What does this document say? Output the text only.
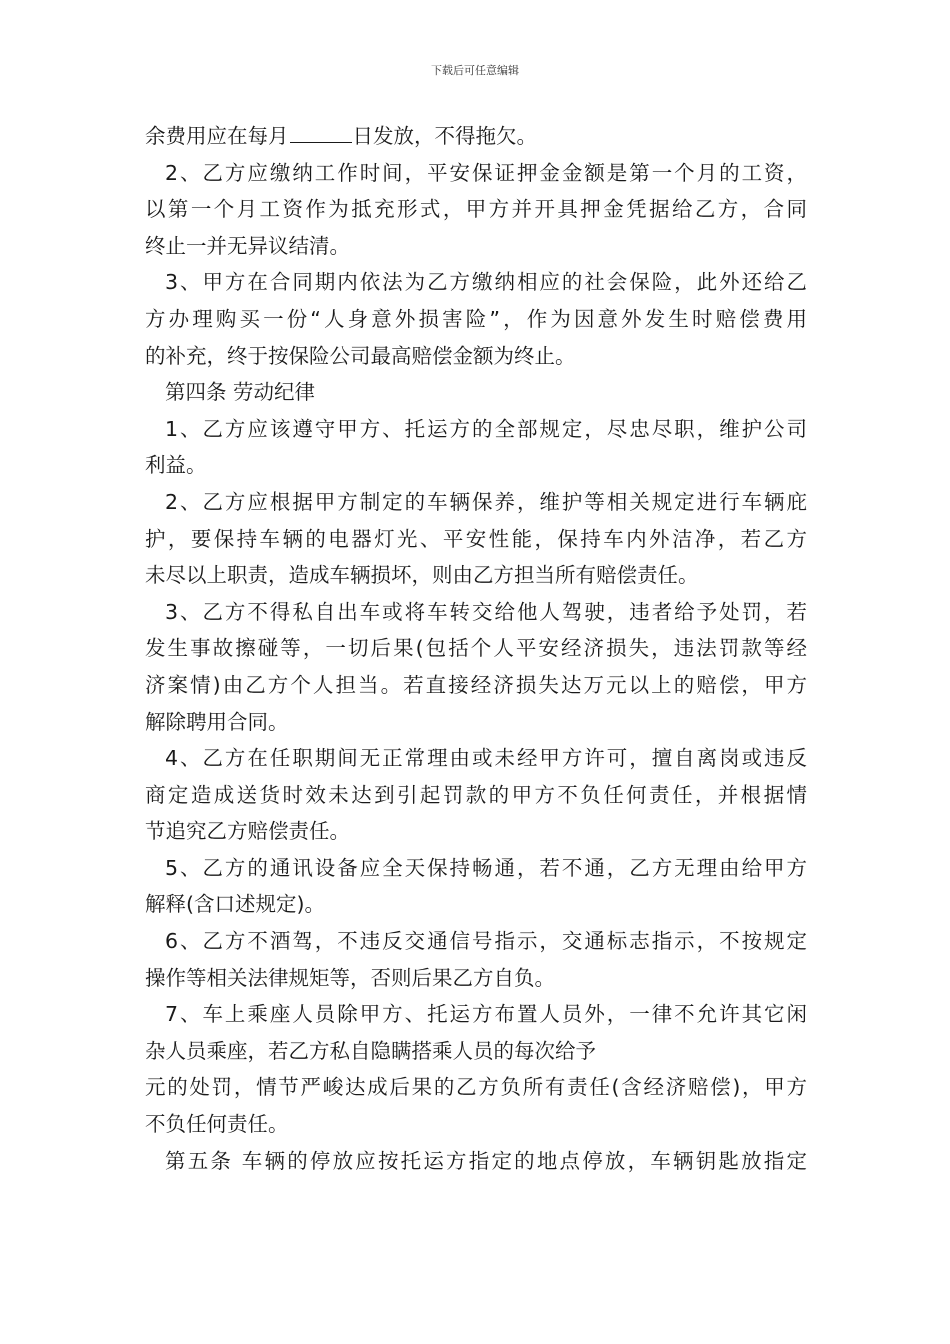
下载后可任意编辑
余费用应在每月	日发放，不得拖欠。
2、乙方应缴纳工作时间，平安保证押金金额是第一个月的工资，
以第一个月工资作为抵充形式，甲方并开具押金凭据给乙方，合同
终止一并无异议结清。
3、甲方在合同期内依法为乙方缴纳相应的社会保险，此外还给乙
方办理购买一份“人身意外损害险”，作为因意外发生时赔偿费用
的补充，终于按保险公司最高赔偿金额为终止。
第四条 劳动纪律
1、乙方应该遵守甲方、托运方的全部规定，尽忠尽职，维护公司
利益。
2、乙方应根据甲方制定的车辆保养，维护等相关规定进行车辆庇
护，要保持车辆的电器灯光、平安性能，保持车内外洁净，若乙方
未尽以上职责，造成车辆损坏，则由乙方担当所有赔偿责任。
3、乙方不得私自出车或将车转交给他人驾驶，违者给予处罚，若
发生事故擦碰等，一切后果(包括个人平安经济损失，违法罚款等经
济案情)由乙方个人担当。若直接经济损失达万元以上的赔偿，甲方
解除聘用合同。
4、乙方在任职期间无正常理由或未经甲方许可，擅自离岗或违反
商定造成送货时效未达到引起罚款的甲方不负任何责任，并根据情
节追究乙方赔偿责任。
5、乙方的通讯设备应全天保持畅通，若不通，乙方无理由给甲方
解释(含口述规定)。
6、乙方不酒驾，不违反交通信号指示，交通标志指示，不按规定
操作等相关法律规矩等，否则后果乙方自负。
7、车上乘座人员除甲方、托运方布置人员外，一律不允许其它闲
杂人员乘座，若乙方私自隐瞒搭乘人员的每次给予
元的处罚，情节严峻达成后果的乙方负所有责任(含经济赔偿)，甲方
不负任何责任。
第五条 车辆的停放应按托运方指定的地点停放，车辆钥匙放指定
